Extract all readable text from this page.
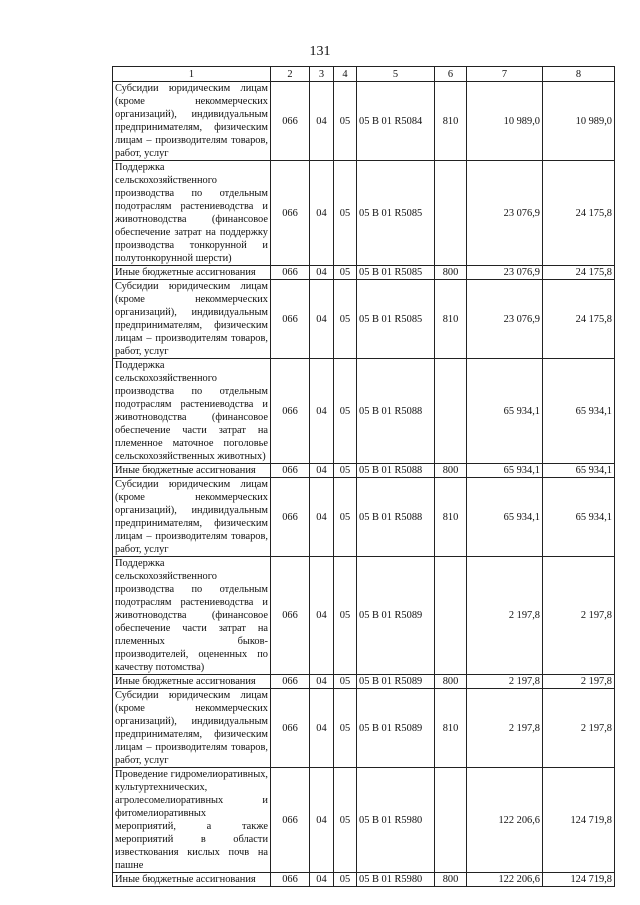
131
1	2	3	4	5	6	7	8
Субсидии юридическим лицам (кроме некоммерческих организаций), индивидуальным предпринимателям, физическим лицам – производителям товаров, работ, услуг	066	04	05	05 B 01 R5084	810	10 989,0	10 989,0
Поддержка сельскохозяйственного производства по отдельным подотраслям растениеводства и животноводства (финансовое обеспечение затрат на поддержку производства тонкорунной и полутонкорунной шерсти)	066	04	05	05 B 01 R5085		23 076,9	24 175,8
Иные бюджетные ассигнования	066	04	05	05 B 01 R5085	800	23 076,9	24 175,8
Субсидии юридическим лицам (кроме некоммерческих организаций), индивидуальным предпринимателям, физическим лицам – производителям товаров, работ, услуг	066	04	05	05 B 01 R5085	810	23 076,9	24 175,8
Поддержка сельскохозяйственного производства по отдельным подотраслям растениеводства и животноводства (финансовое обеспечение части затрат на племенное маточное поголовье сельскохозяйственных животных)	066	04	05	05 B 01 R5088		65 934,1	65 934,1
Иные бюджетные ассигнования	066	04	05	05 B 01 R5088	800	65 934,1	65 934,1
Субсидии юридическим лицам (кроме некоммерческих организаций), индивидуальным предпринимателям, физическим лицам – производителям товаров, работ, услуг	066	04	05	05 B 01 R5088	810	65 934,1	65 934,1
Поддержка сельскохозяйственного производства по отдельным подотраслям растениеводства и животноводства (финансовое обеспечение части затрат на племенных быков-производителей, оцененных по качеству потомства)	066	04	05	05 B 01 R5089		2 197,8	2 197,8
Иные бюджетные ассигнования	066	04	05	05 B 01 R5089	800	2 197,8	2 197,8
Субсидии юридическим лицам (кроме некоммерческих организаций), индивидуальным предпринимателям, физическим лицам – производителям товаров, работ, услуг	066	04	05	05 B 01 R5089	810	2 197,8	2 197,8
Проведение гидромелиоративных, культуртехнических, агролесомелиоративных и фитомелиоративных мероприятий, а также мероприятий в области известкования кислых почв на пашне	066	04	05	05 B 01 R5980		122 206,6	124 719,8
Иные бюджетные ассигнования	066	04	05	05 B 01 R5980	800	122 206,6	124 719,8
